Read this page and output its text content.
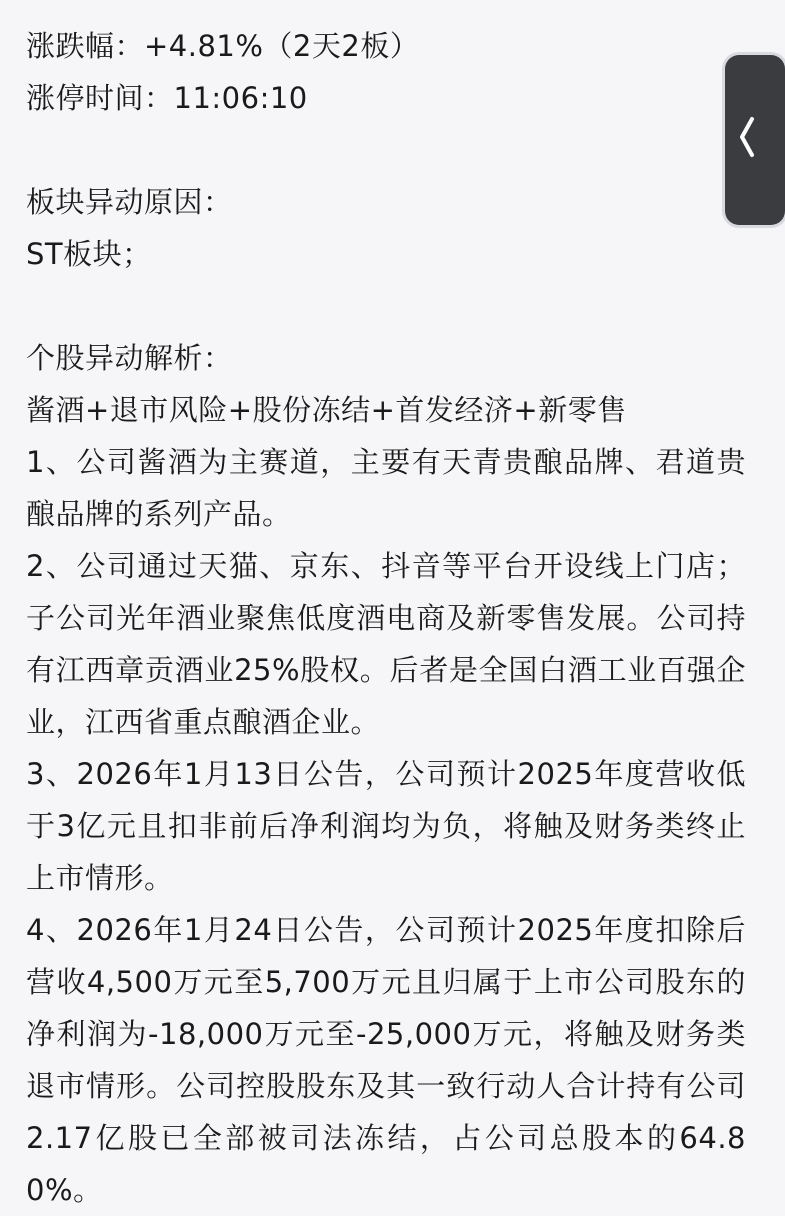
涨跌幅：+4.81%（2天2板）
涨停时间：11:06:10
板块异动原因：
ST板块；
个股异动解析：
酱酒+退市风险+股份冻结+首发经济+新零售
1、公司酱酒为主赛道，主要有天青贵酿品牌、君道贵酿品牌的系列产品。
2、公司通过天猫、京东、抖音等平台开设线上门店；子公司光年酒业聚焦低度酒电商及新零售发展。公司持有江西章贡酒业25%股权。后者是全国白酒工业百强企业，江西省重点酿酒企业。
3、2026年1月13日公告，公司预计2025年度营收低于3亿元且扣非前后净利润均为负，将触及财务类终止上市情形。
4、2026年1月24日公告，公司预计2025年度扣除后营收4,500万元至5,700万元且归属于上市公司股东的净利润为-18,000万元至-25,000万元，将触及财务类退市情形。公司控股股东及其一致行动人合计持有公司2.17亿股已全部被司法冻结，占公司总股本的64.80%。
